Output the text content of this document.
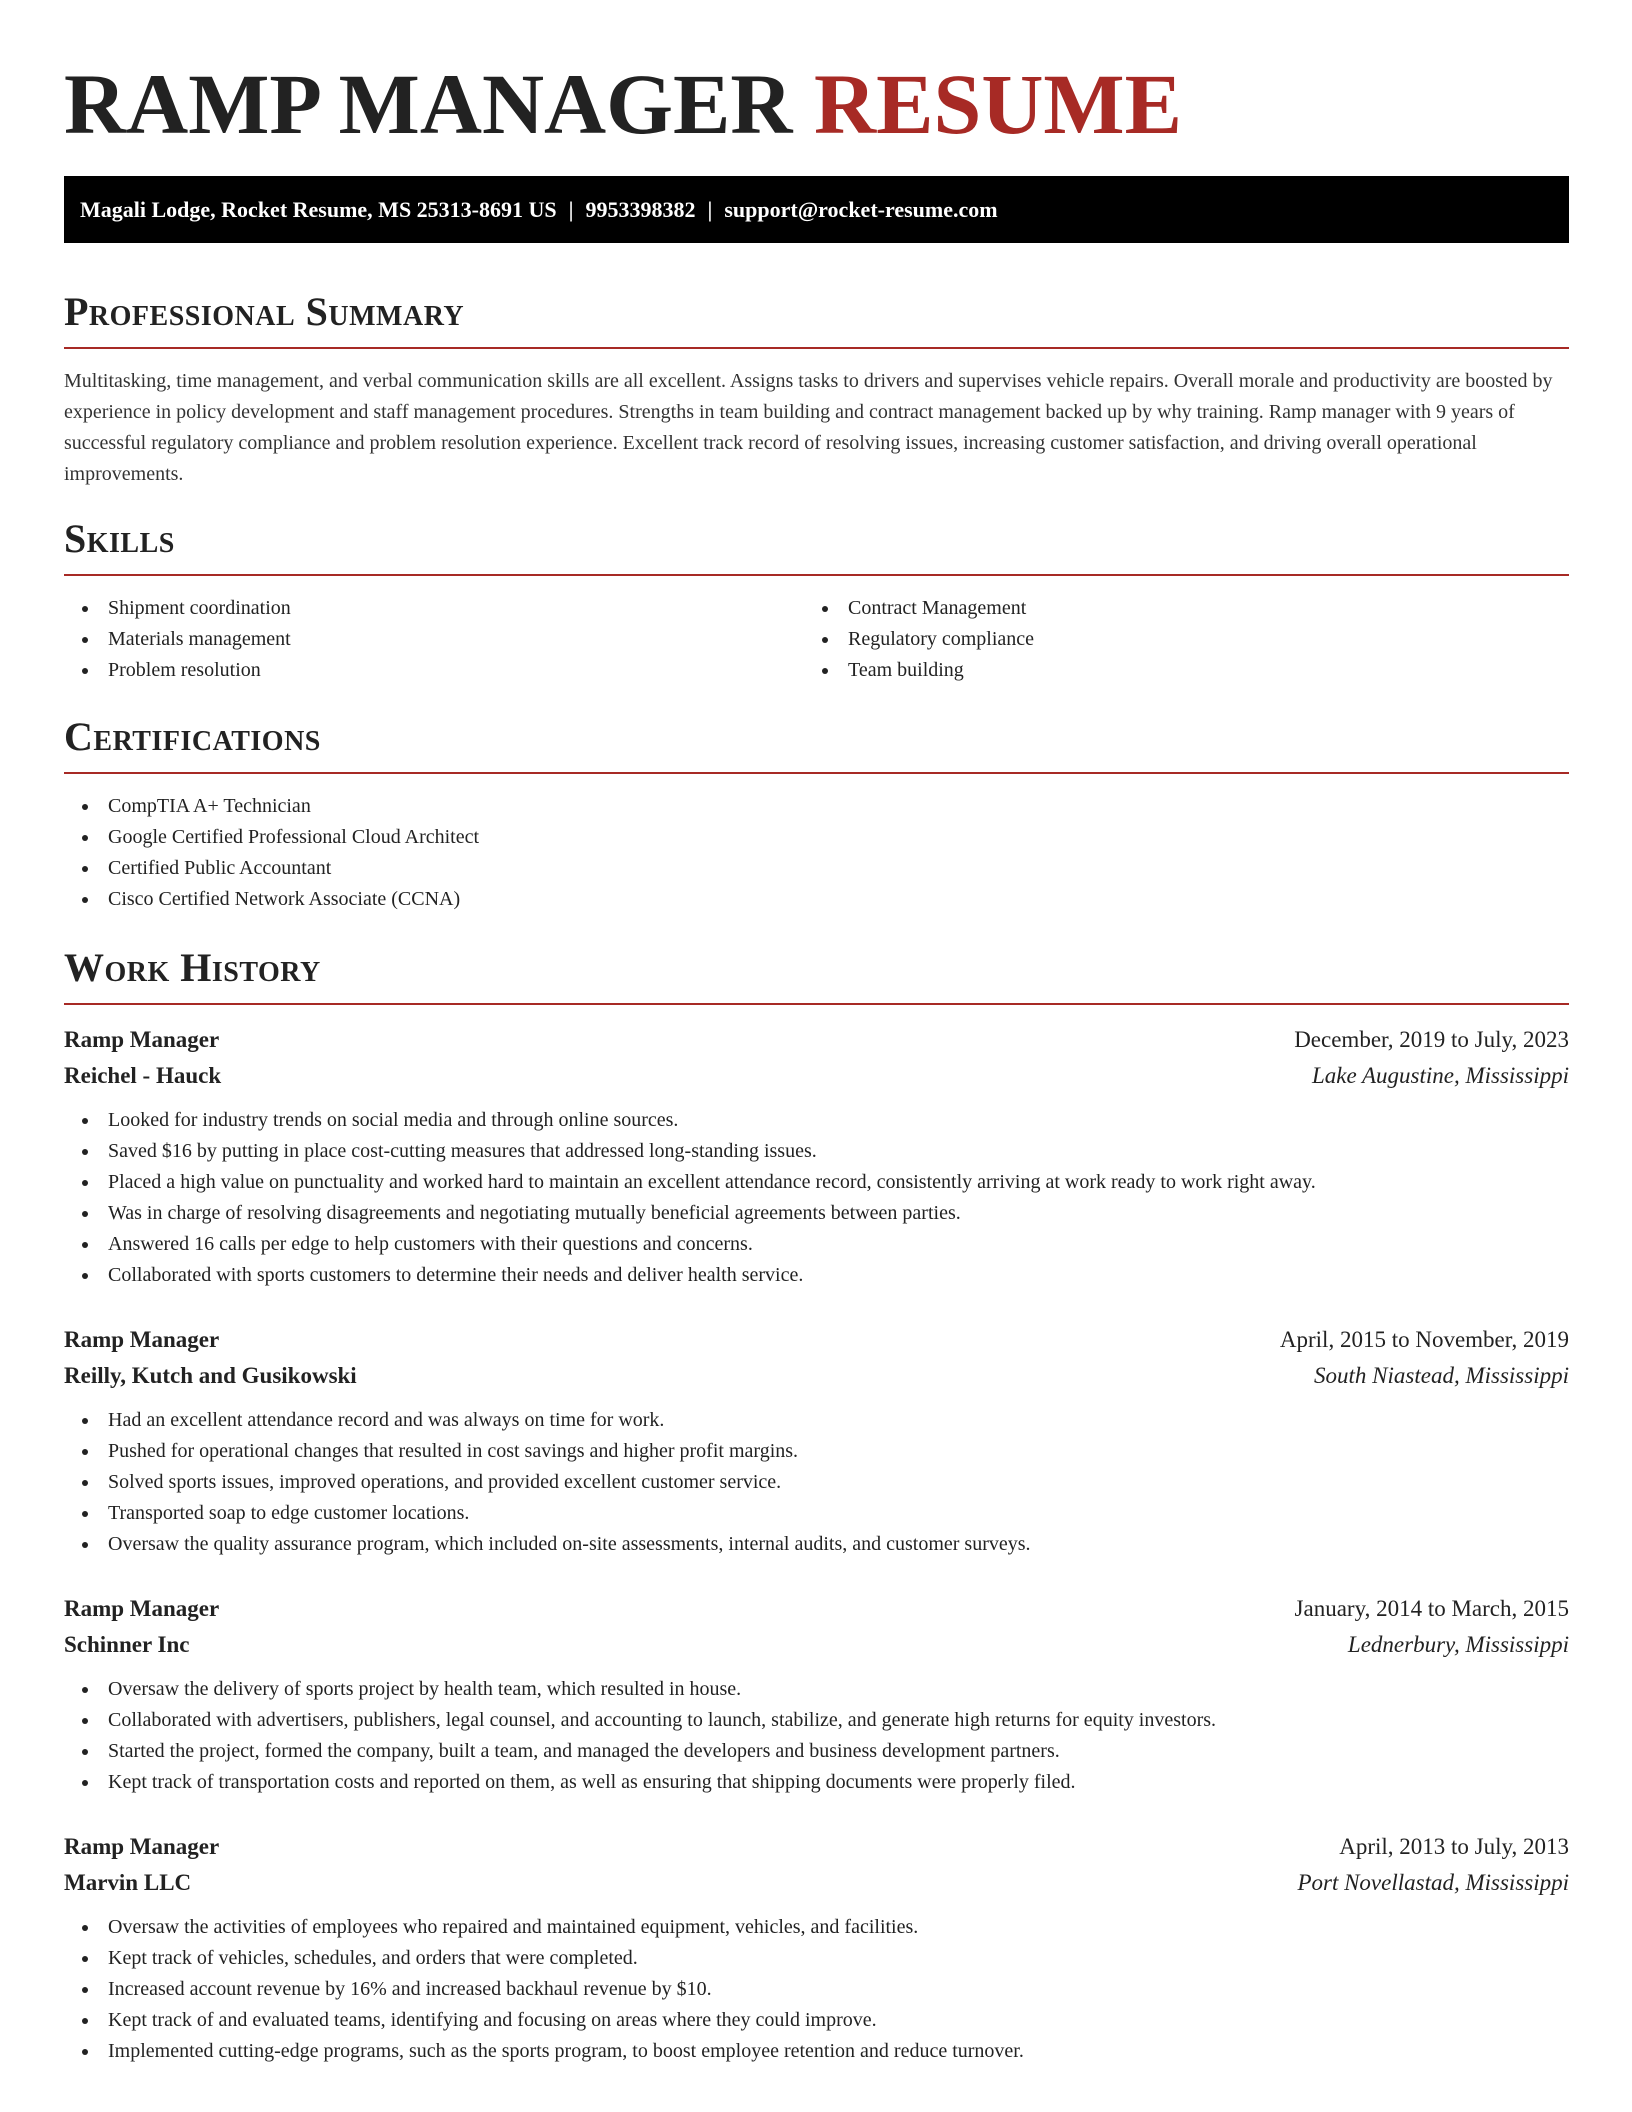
RAMP MANAGER RESUME
Magali Lodge, Rocket Resume, MS 25313-8691 US | 9953398382 | support@rocket-resume.com
Professional Summary

Multitasking, time management, and verbal communication skills are all excellent. Assigns tasks to drivers and supervises vehicle repairs. Overall morale and productivity are boosted by experience in policy development and staff management procedures. Strengths in team building and contract management backed up by why training. Ramp manager with 9 years of successful regulatory compliance and problem resolution experience. Excellent track record of resolving issues, increasing customer satisfaction, and driving overall operational improvements.

Skills
Shipment coordination
Materials management
Problem resolution
Contract Management
Regulatory compliance
Team building
Certifications
CompTIA A+ Technician
Google Certified Professional Cloud Architect
Certified Public Accountant
Cisco Certified Network Associate (CCNA)
Work History
Ramp Manager	December, 2019 to July, 2023
Reichel - Hauck	Lake Augustine, Mississippi
Looked for industry trends on social media and through online sources.
Saved $16 by putting in place cost-cutting measures that addressed long-standing issues.
Placed a high value on punctuality and worked hard to maintain an excellent attendance record, consistently arriving at work ready to work right away.
Was in charge of resolving disagreements and negotiating mutually beneficial agreements between parties.
Answered 16 calls per edge to help customers with their questions and concerns.
Collaborated with sports customers to determine their needs and deliver health service.
Ramp Manager	April, 2015 to November, 2019
Reilly, Kutch and Gusikowski	South Niastead, Mississippi
Had an excellent attendance record and was always on time for work.
Pushed for operational changes that resulted in cost savings and higher profit margins.
Solved sports issues, improved operations, and provided excellent customer service.
Transported soap to edge customer locations.
Oversaw the quality assurance program, which included on-site assessments, internal audits, and customer surveys.
Ramp Manager	January, 2014 to March, 2015
Schinner Inc	Lednerbury, Mississippi
Oversaw the delivery of sports project by health team, which resulted in house.
Collaborated with advertisers, publishers, legal counsel, and accounting to launch, stabilize, and generate high returns for equity investors.
Started the project, formed the company, built a team, and managed the developers and business development partners.
Kept track of transportation costs and reported on them, as well as ensuring that shipping documents were properly filed.
Ramp Manager	April, 2013 to July, 2013
Marvin LLC	Port Novellastad, Mississippi
Oversaw the activities of employees who repaired and maintained equipment, vehicles, and facilities.
Kept track of vehicles, schedules, and orders that were completed.
Increased account revenue by 16% and increased backhaul revenue by $10.
Kept track of and evaluated teams, identifying and focusing on areas where they could improve.
Implemented cutting-edge programs, such as the sports program, to boost employee retention and reduce turnover.
